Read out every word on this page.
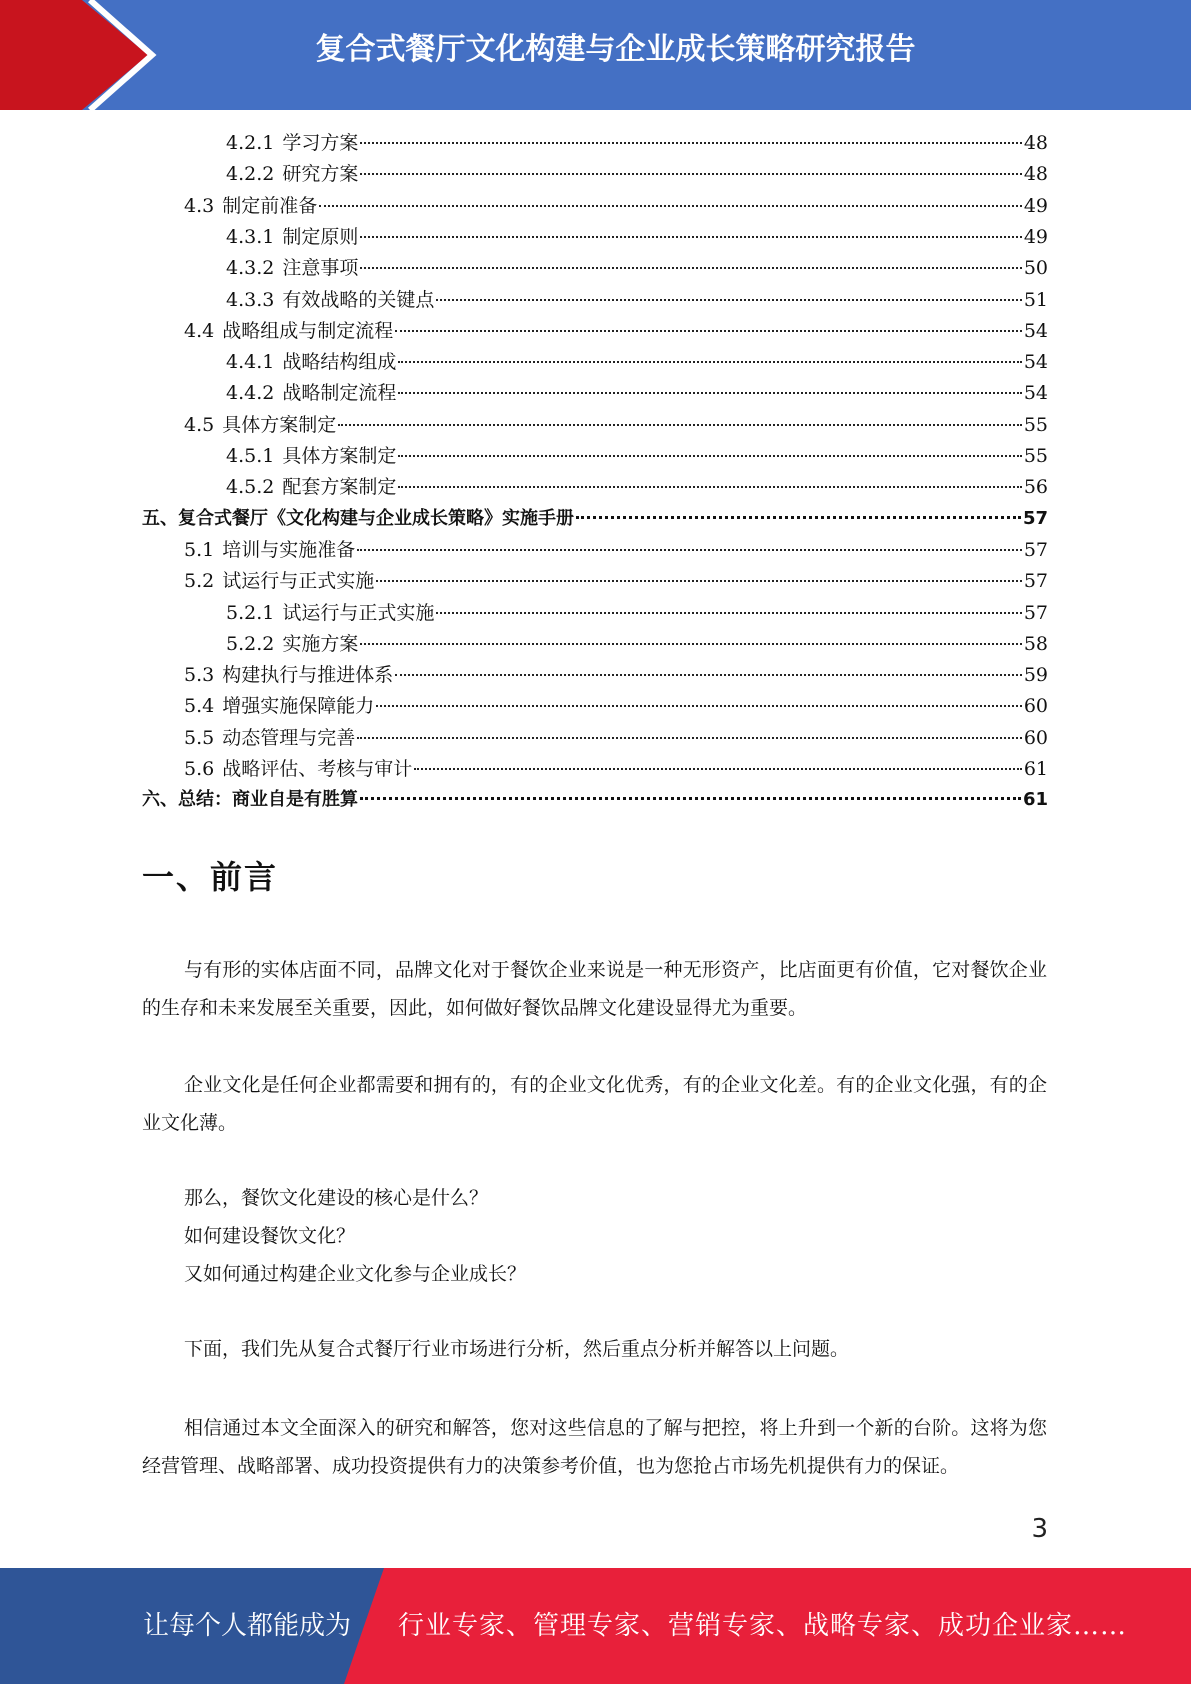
复合式餐厅文化构建与企业成长策略研究报告
4.2.1 学习方案	48
4.2.2 研究方案	48
4.3 制定前准备	49
4.3.1 制定原则	49
4.3.2 注意事项	50
4.3.3 有效战略的关键点	51
4.4 战略组成与制定流程	54
4.4.1 战略结构组成	54
4.4.2 战略制定流程	54
4.5 具体方案制定	55
4.5.1 具体方案制定	55
4.5.2 配套方案制定	56
五、复合式餐厅《文化构建与企业成长策略》实施手册	57
5.1 培训与实施准备	57
5.2 试运行与正式实施	57
5.2.1 试运行与正式实施	57
5.2.2 实施方案	58
5.3 构建执行与推进体系	59
5.4 增强实施保障能力	60
5.5 动态管理与完善	60
5.6 战略评估、考核与审计	61
六、总结：商业自是有胜算	61
一、前言

与有形的实体店面不同，品牌文化对于餐饮企业来说是一种无形资产，比店面更有价值，它对餐饮企业的生存和未来发展至关重要，因此，如何做好餐饮品牌文化建设显得尤为重要。

企业文化是任何企业都需要和拥有的，有的企业文化优秀，有的企业文化差。有的企业文化强，有的企业文化薄。

那么，餐饮文化建设的核心是什么？
如何建设餐饮文化？
又如何通过构建企业文化参与企业成长？

下面，我们先从复合式餐厅行业市场进行分析，然后重点分析并解答以上问题。

相信通过本文全面深入的研究和解答，您对这些信息的了解与把控，将上升到一个新的台阶。这将为您经营管理、战略部署、成功投资提供有力的决策参考价值，也为您抢占市场先机提供有力的保证。

3
让每个人都能成为 行业专家、管理专家、营销专家、战略专家、成功企业家……
